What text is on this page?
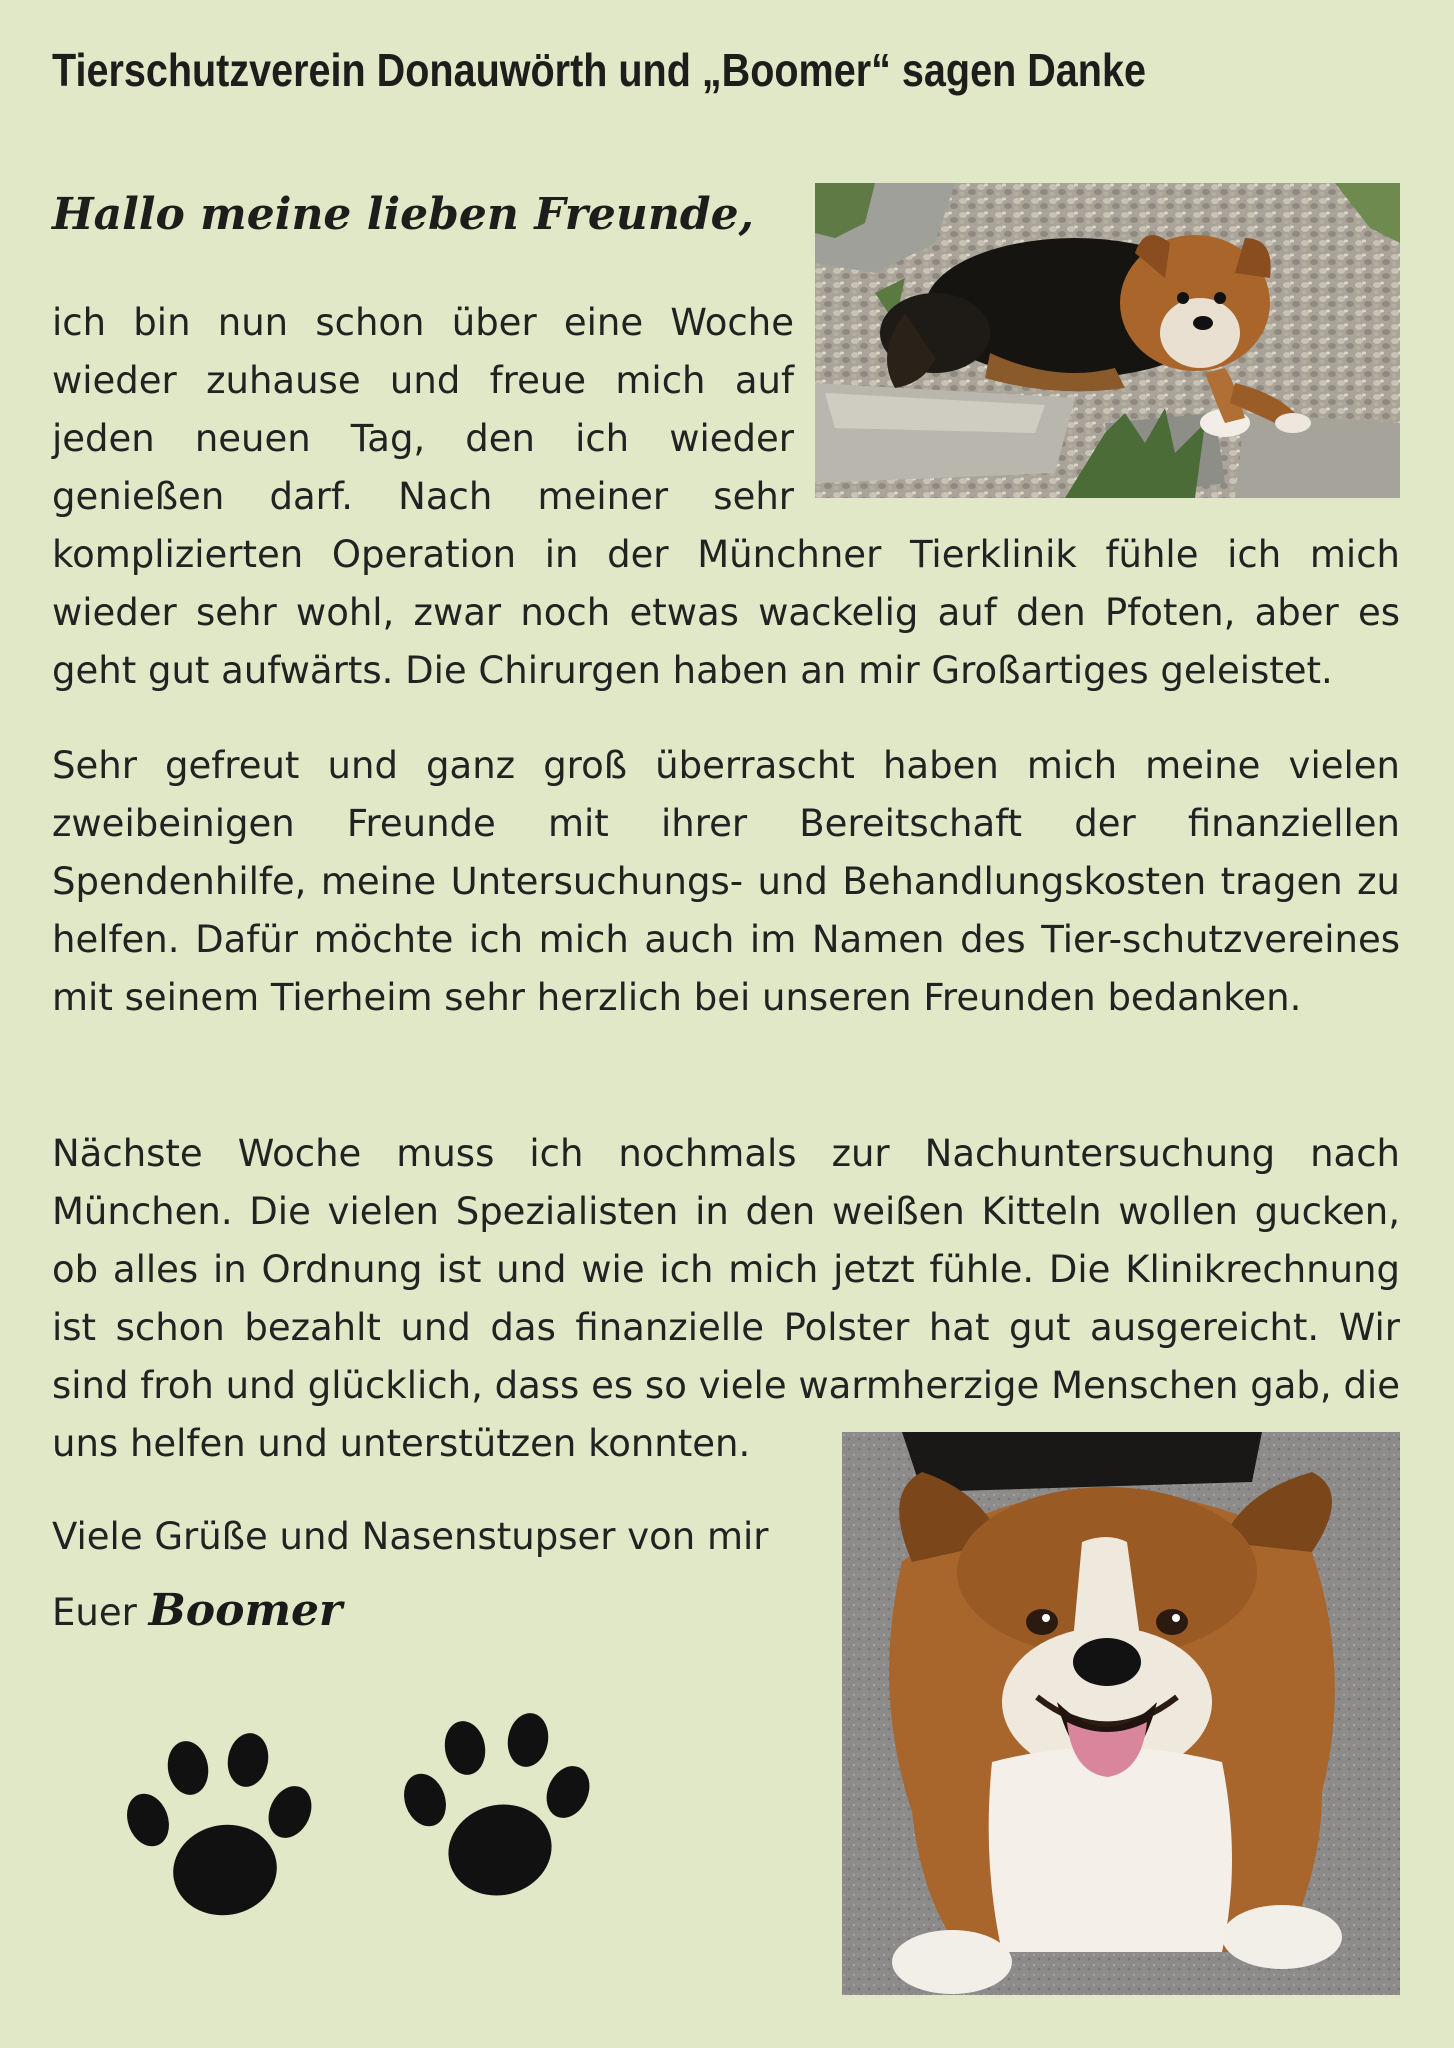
Tierschutzverein Donauwörth und „Boomer“ sagen Danke
Hallo meine lieben Freunde,

ich bin nun schon über eine Woche wieder zuhause und freue mich auf jeden neuen Tag, den ich wieder genießen darf. Nach meiner sehr komplizierten Operation in der Münchner Tierklinik fühle ich mich wieder sehr wohl, zwar noch etwas wackelig auf den Pfoten, aber es geht gut aufwärts. Die Chirurgen haben an mir Großartiges geleistet.

Sehr gefreut und ganz groß überrascht haben mich meine vielen zweibeinigen Freunde mit ihrer Bereitschaft der finanziellen Spendenhilfe, meine Untersuchungs- und Behandlungskosten tragen zu helfen. Dafür möchte ich mich auch im Namen des Tier-schutzvereines mit seinem Tierheim sehr herzlich bei unseren Freunden bedanken.

Nächste Woche muss ich nochmals zur Nachuntersuchung nach München. Die vielen Spezialisten in den weißen Kitteln wollen gucken, ob alles in Ordnung ist und wie ich mich jetzt fühle. Die Klinikrechnung ist schon bezahlt und das finanzielle Polster hat gut ausgereicht. Wir sind froh und glücklich, dass es so viele warmherzige Menschen gab, die uns helfen und unterstützen konnten.

Viele Grüße und Nasenstupser von mir

Euer Boomer
